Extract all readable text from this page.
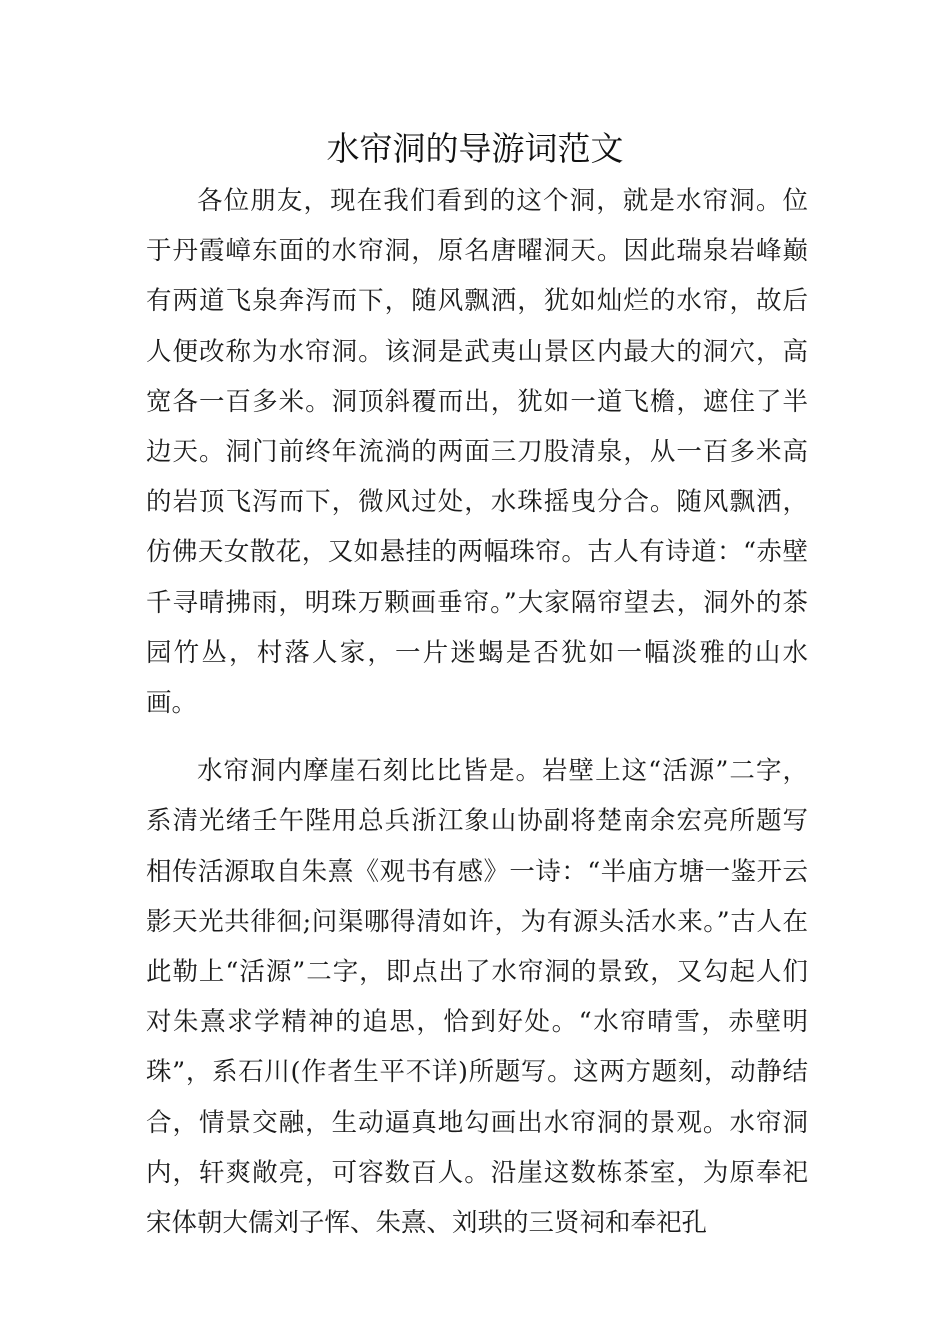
水帘洞的导游词范文

各位朋友，现在我们看到的这个洞，就是水帘洞。位于丹霞嶂东面的水帘洞，原名唐曜洞天。因此瑞泉岩峰巅有两道飞泉奔泻而下，随风飘洒，犹如灿烂的水帘，故后人便改称为水帘洞。该洞是武夷山景区内最大的洞穴，高宽各一百多米。洞顶斜覆而出，犹如一道飞檐，遮住了半边天。洞门前终年流淌的两面三刀股清泉，从一百多米高的岩顶飞泻而下，微风过处，水珠摇曳分合。随风飘洒，仿佛天女散花，又如悬挂的两幅珠帘。古人有诗道：“赤壁千寻晴拂雨，明珠万颗画垂帘。”大家隔帘望去，洞外的茶园竹丛，村落人家，一片迷蝎是否犹如一幅淡雅的山水画。

水帘洞内摩崖石刻比比皆是。岩壁上这“活源”二字，系清光绪壬午陛用总兵浙江象山协副将楚南余宏亮所题写相传活源取自朱熹《观书有感》一诗：“半庙方塘一鉴开云影天光共徘徊;问渠哪得清如许，为有源头活水来。”古人在此勒上“活源”二字，即点出了水帘洞的景致，又勾起人们对朱熹求学精神的追思，恰到好处。“水帘晴雪，赤壁明珠”，系石川(作者生平不详)所题写。这两方题刻，动静结合，情景交融，生动逼真地勾画出水帘洞的景观。水帘洞内，轩爽敞亮，可容数百人。沿崖这数栋茶室，为原奉祀宋体朝大儒刘子恽、朱熹、刘珙的三贤祠和奉祀孔
